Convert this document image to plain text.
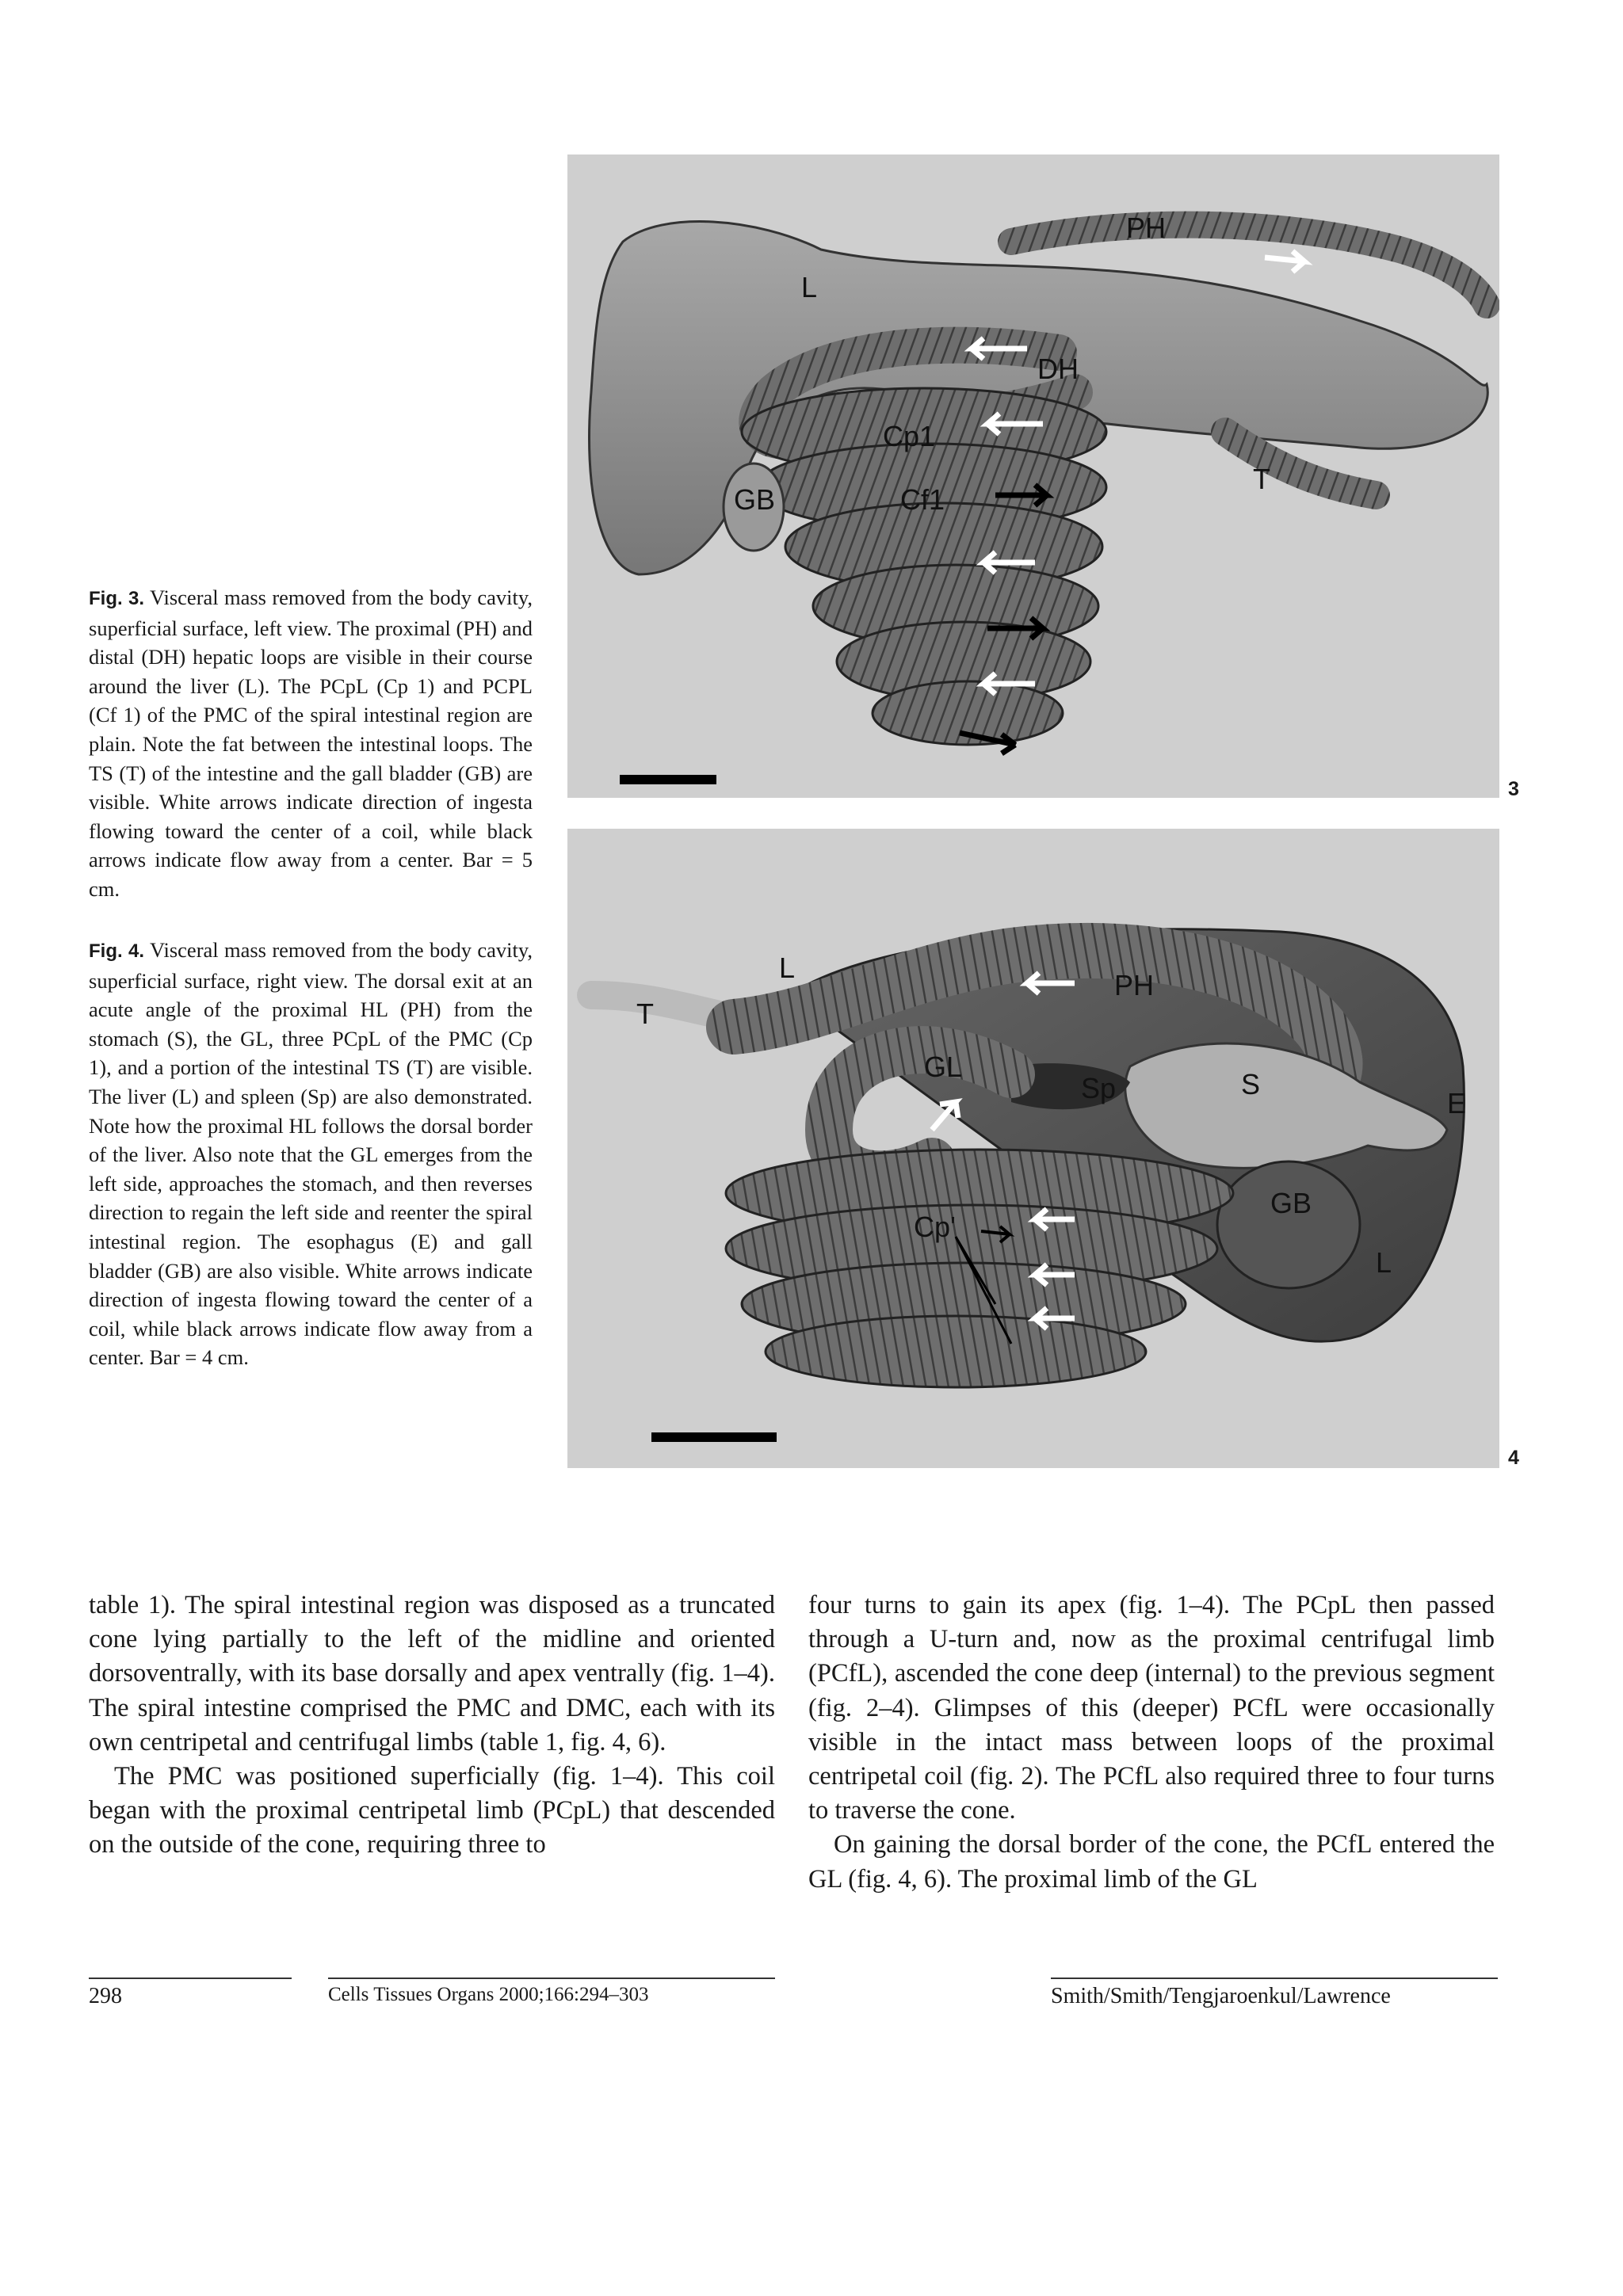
Fig. 3. Visceral mass removed from the body cavity, superficial surface, left view. The proximal (PH) and distal (DH) hepatic loops are visible in their course around the liver (L). The PCpL (Cp 1) and PCPL (Cf 1) of the PMC of the spiral intestinal region are plain. Note the fat between the intestinal loops. The TS (T) of the intestine and the gall bladder (GB) are visible. White arrows indicate direction of ingesta flowing toward the center of a coil, while black arrows indicate flow away from a center. Bar = 5 cm.
Fig. 4. Visceral mass removed from the body cavity, superficial surface, right view. The dorsal exit at an acute angle of the proximal HL (PH) from the stomach (S), the GL, three PCpL of the PMC (Cp 1), and a portion of the intestinal TS (T) are visible. The liver (L) and spleen (Sp) are also demonstrated. Note how the proximal HL follows the dorsal border of the liver. Also note that the GL emerges from the left side, approaches the stomach, and then reverses direction to regain the left side and reenter the spiral intestinal region. The esophagus (E) and gall bladder (GB) are also visible. White arrows indicate direction of ingesta flowing toward the center of a coil, while black arrows indicate flow away from a center. Bar = 4 cm.
PH
L
DH
Cp1
GB	Cf1
T
3
L
PH
T
GL
Sp	S
E
GB
Cp'
L
4

table 1). The spiral intestinal region was disposed as a truncated cone lying partially to the left of the midline and oriented dorsoventrally, with its base dorsally and apex ventrally (fig. 1–4). The spiral intestine comprised the PMC and DMC, each with its own centripetal and centrifugal limbs (table 1, fig. 4, 6).

The PMC was positioned superficially (fig. 1–4). This coil began with the proximal centripetal limb (PCpL) that descended on the outside of the cone, requiring three to

four turns to gain its apex (fig. 1–4). The PCpL then passed through a U-turn and, now as the proximal centrifugal limb (PCfL), ascended the cone deep (internal) to the previous segment (fig. 2–4). Glimpses of this (deeper) PCfL were occasionally visible in the intact mass between loops of the proximal centripetal coil (fig. 2). The PCfL also required three to four turns to traverse the cone.

On gaining the dorsal border of the cone, the PCfL entered the GL (fig. 4, 6). The proximal limb of the GL

298	Cells Tissues Organs 2000;166:294–303	Smith/Smith/Tengjaroenkul/Lawrence
